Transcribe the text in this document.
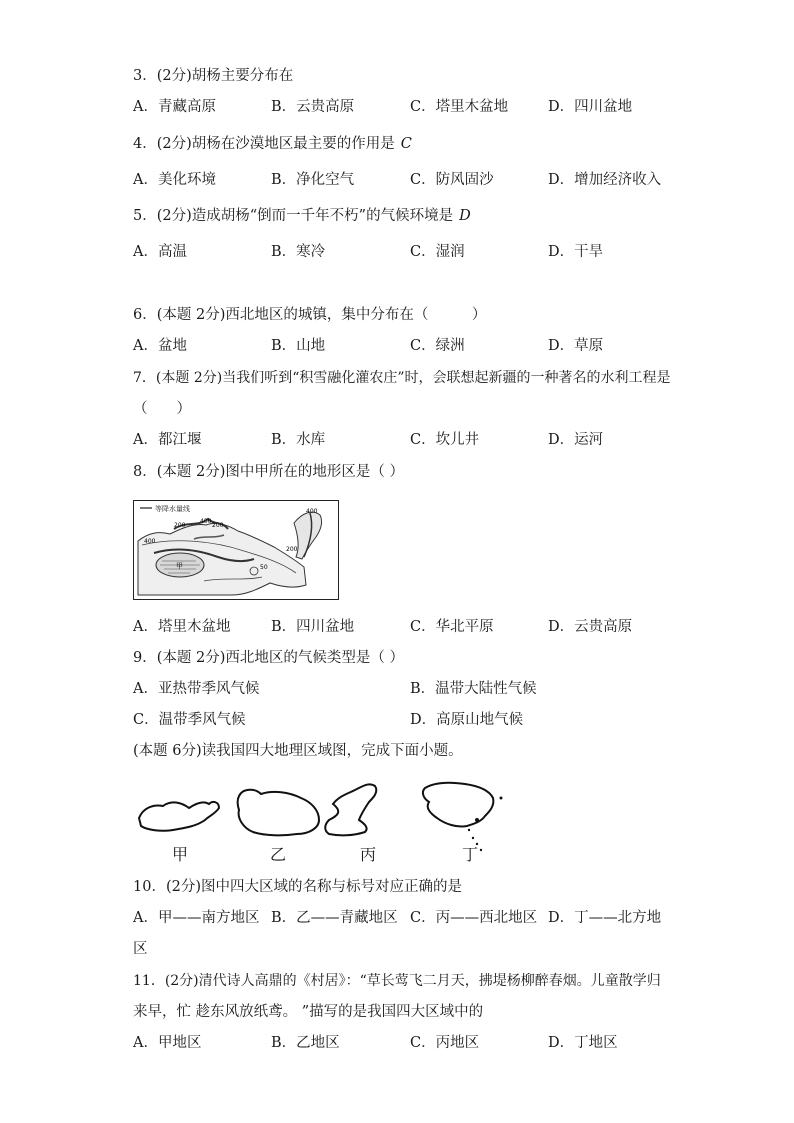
3．(2分)胡杨主要分布在
A．青藏高原	B．云贵高原	C．塔里木盆地	D．四川盆地
4．(2分)胡杨在沙漠地区最主要的作用是 C
A．美化环境	B．净化空气	C．防风固沙	D．增加经济收入
5．(2分)造成胡杨“倒而一千年不朽”的气候环境是 D
A．高温	B．寒冷	C．湿润	D．干旱
6．(本题 2分)西北地区的城镇，集中分布在（　　　）
A．盆地	B．山地	C．绿洲	D．草原
7．(本题 2分)当我们听到“积雪融化灌农庄”时，会联想起新疆的一种著名的水利工程是
（　　）
A．都江堰	B．水库	C．坎儿井	D．运河
8．(本题 2分)图中甲所在的地形区是（ ）
等降水量线
400
200	200
400
50
200
400
甲
A．塔里木盆地	B．四川盆地	C．华北平原	D．云贵高原
9．(本题 2分)西北地区的气候类型是（ ）
A．亚热带季风气候	B．温带大陆性气候
C．温带季风气候	D．高原山地气候
(本题 6分)读我国四大地理区域图，完成下面小题。
甲	乙	丙	丁
10．(2分)图中四大区域的名称与标号对应正确的是
A．甲——南方地区 B．乙——青藏地区 C．丙——西北地区 D．丁——北方地
区
11．(2分)清代诗人高鼎的《村居》：“草长莺飞二月天，拂堤杨柳醉春烟。儿童散学归
来早，忙 趁东风放纸鸢。 ”描写的是我国四大区域中的
A．甲地区	B．乙地区	C．丙地区	D．丁地区
